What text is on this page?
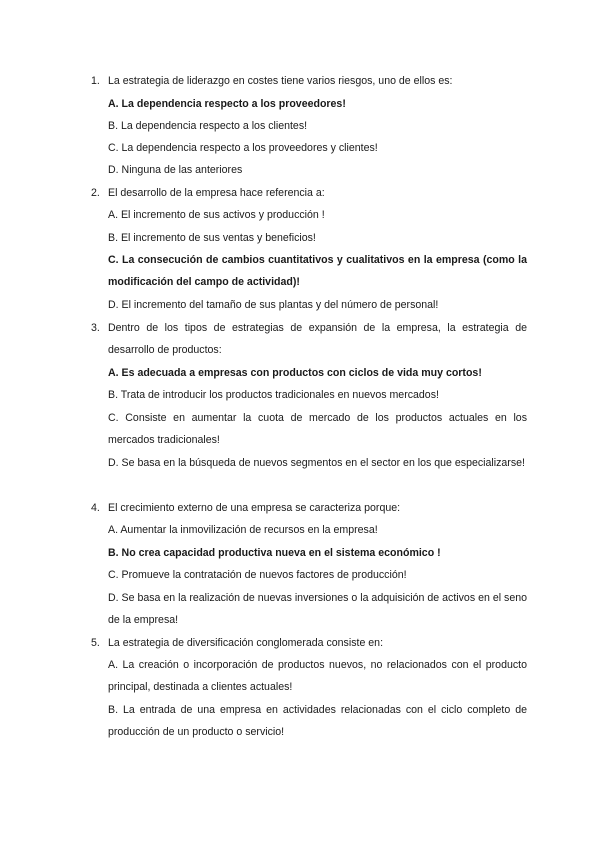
1. La estrategia de liderazgo en costes tiene varios riesgos, uno de ellos es:
A. La dependencia respecto a los proveedores!
B. La dependencia respecto a los clientes!
C. La dependencia respecto a los proveedores y clientes!
D. Ninguna de las anteriores
2. El desarrollo de la empresa hace referencia a:
A. El incremento de sus activos y producción !
B. El incremento de sus ventas y beneficios!
C. La consecución de cambios cuantitativos y cualitativos en la empresa (como la modificación del campo de actividad)!
D. El incremento del tamaño de sus plantas y del número de personal!
3. Dentro de los tipos de estrategias de expansión de la empresa, la estrategia de desarrollo de productos:
A. Es adecuada a empresas con productos con ciclos de vida muy cortos!
B. Trata de introducir los productos tradicionales en nuevos mercados!
C. Consiste en aumentar la cuota de mercado de los productos actuales en los mercados tradicionales!
D. Se basa en la búsqueda de nuevos segmentos en el sector en los que especializarse!
4. El crecimiento externo de una empresa se caracteriza porque:
A. Aumentar la inmovilización de recursos en la empresa!
B. No crea capacidad productiva nueva en el sistema económico !
C. Promueve la contratación de nuevos factores de producción!
D. Se basa en la realización de nuevas inversiones o la adquisición de activos en el seno de la empresa!
5. La estrategia de diversificación conglomerada consiste en:
A. La creación o incorporación de productos nuevos, no relacionados con el producto principal, destinada a clientes actuales!
B. La entrada de una empresa en actividades relacionadas con el ciclo completo de producción de un producto o servicio!
